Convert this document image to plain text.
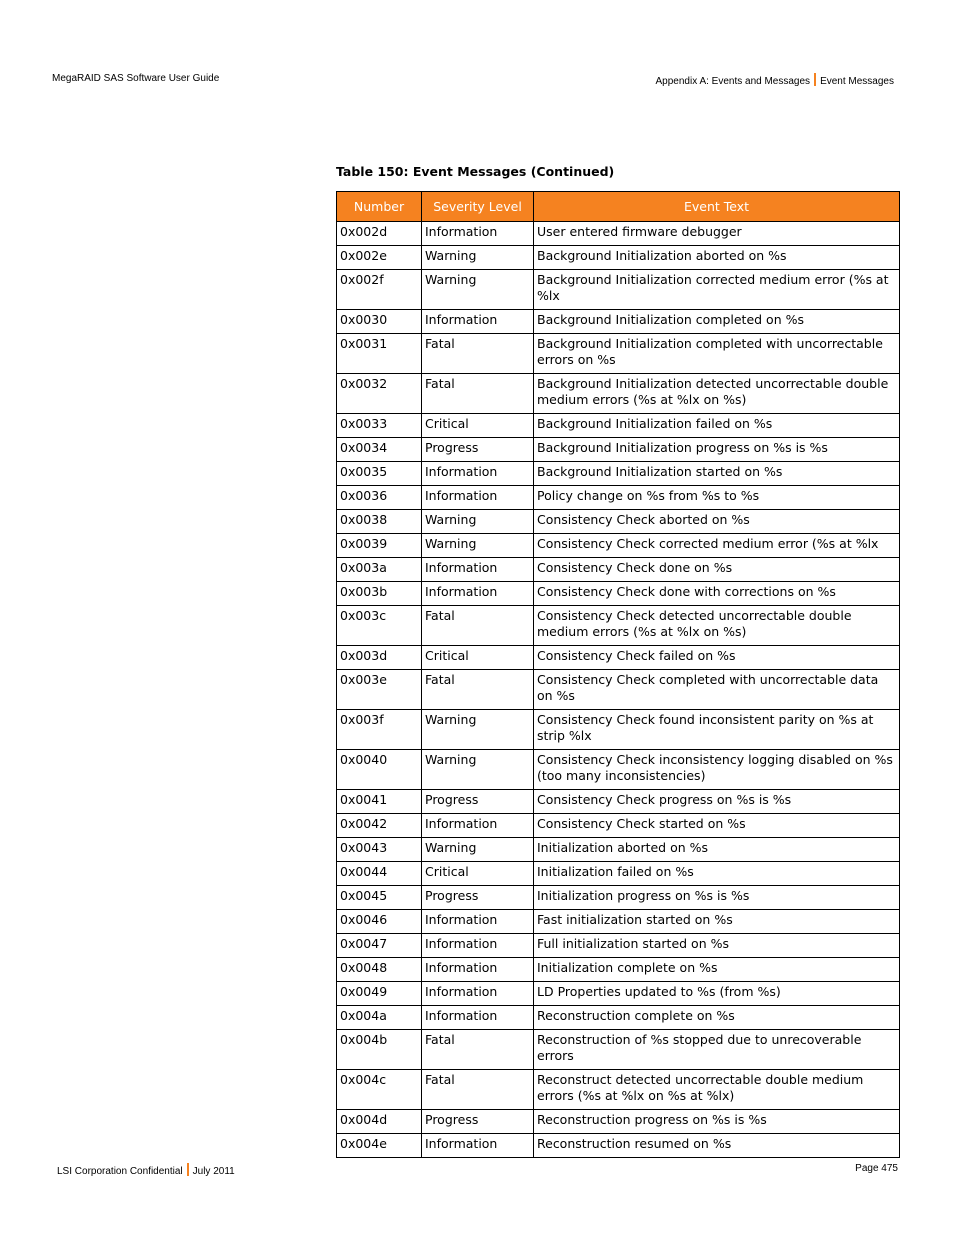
MegaRAID SAS Software User Guide	Appendix A: Events and Messages Event Messages
Table 150: Event Messages (Continued)
Number	Severity Level	Event Text
0x002d	Information	User entered firmware debugger
0x002e	Warning	Background Initialization aborted on %s
0x002f	Warning	Background Initialization corrected medium error (%s at %lx
0x0030	Information	Background Initialization completed on %s
0x0031	Fatal	Background Initialization completed with uncorrectable errors on %s
0x0032	Fatal	Background Initialization detected uncorrectable double medium errors (%s at %lx on %s)
0x0033	Critical	Background Initialization failed on %s
0x0034	Progress	Background Initialization progress on %s is %s
0x0035	Information	Background Initialization started on %s
0x0036	Information	Policy change on %s from %s to %s
0x0038	Warning	Consistency Check aborted on %s
0x0039	Warning	Consistency Check corrected medium error (%s at %lx
0x003a	Information	Consistency Check done on %s
0x003b	Information	Consistency Check done with corrections on %s
0x003c	Fatal	Consistency Check detected uncorrectable double medium errors (%s at %lx on %s)
0x003d	Critical	Consistency Check failed on %s
0x003e	Fatal	Consistency Check completed with uncorrectable data on %s
0x003f	Warning	Consistency Check found inconsistent parity on %s at strip %lx
0x0040	Warning	Consistency Check inconsistency logging disabled on %s (too many inconsistencies)
0x0041	Progress	Consistency Check progress on %s is %s
0x0042	Information	Consistency Check started on %s
0x0043	Warning	Initialization aborted on %s
0x0044	Critical	Initialization failed on %s
0x0045	Progress	Initialization progress on %s is %s
0x0046	Information	Fast initialization started on %s
0x0047	Information	Full initialization started on %s
0x0048	Information	Initialization complete on %s
0x0049	Information	LD Properties updated to %s (from %s)
0x004a	Information	Reconstruction complete on %s
0x004b	Fatal	Reconstruction of %s stopped due to unrecoverable errors
0x004c	Fatal	Reconstruct detected uncorrectable double medium errors (%s at %lx on %s at %lx)
0x004d	Progress	Reconstruction progress on %s is %s
0x004e	Information	Reconstruction resumed on %s
LSI Corporation Confidential July 2011	Page 475
